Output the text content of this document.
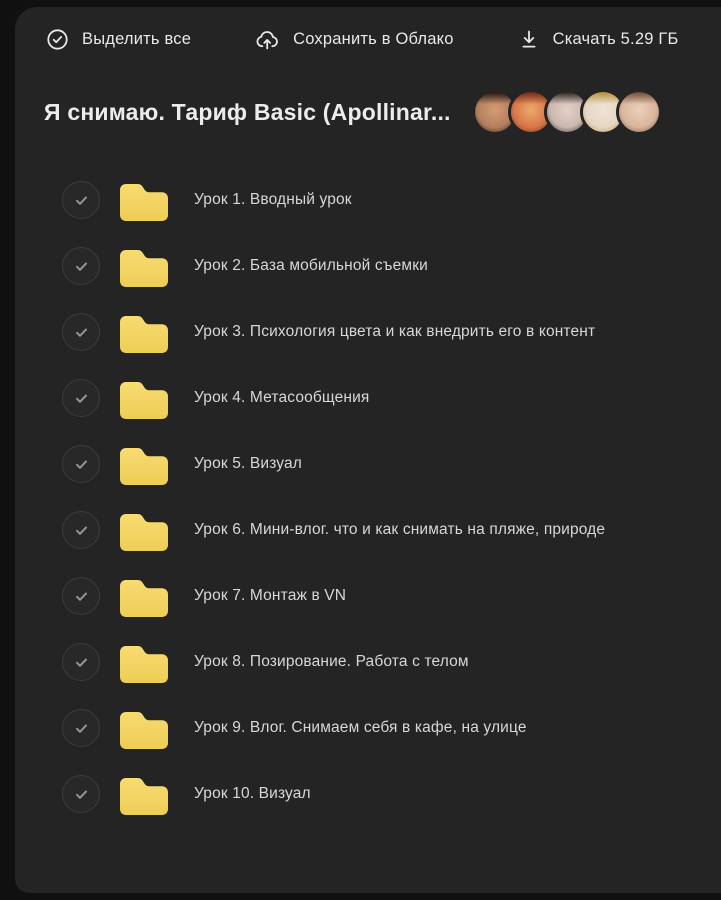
Выделить все	Сохранить в Облако	Скачать 5.29 ГБ
Я снимаю. Тариф Basic (Apollinar...
Урок 1. Вводный урок
Урок 2. База мобильной съемки
Урок 3. Психология цвета и как внедрить его в контент
Урок 4. Метасообщения
Урок 5. Визуал
Урок 6. Мини-влог. что и как снимать на пляже, природе
Урок 7. Монтаж в VN
Урок 8. Позирование. Работа с телом
Урок 9. Влог. Снимаем себя в кафе, на улице
Урок 10. Визуал
